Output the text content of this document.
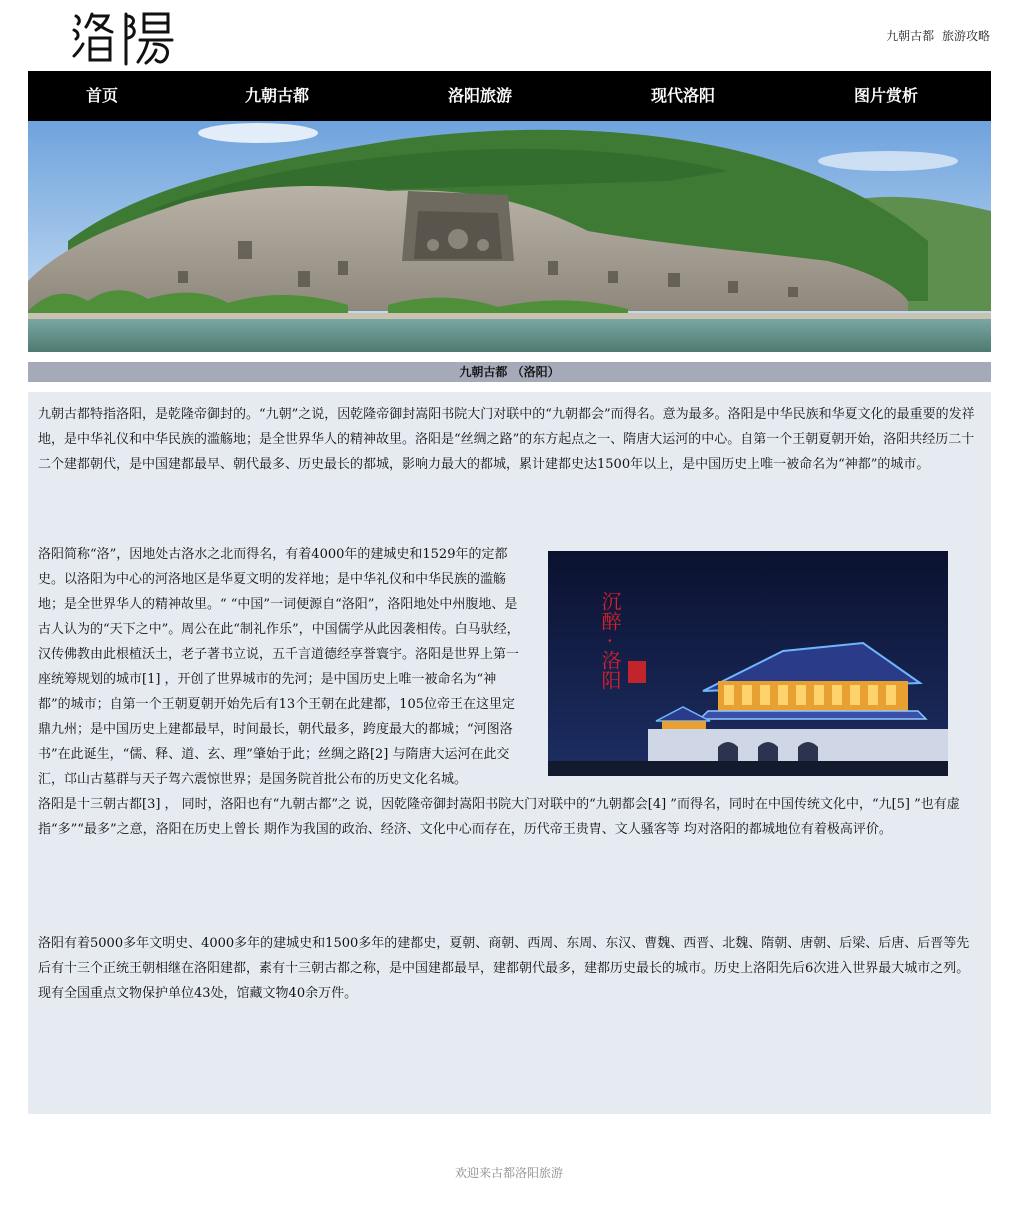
九朝古都 旅游攻略
首页	九朝古都	洛阳旅游	现代洛阳	图片赏析
九朝古都 （洛阳）

九朝古都特指洛阳，是乾隆帝御封的。“九朝”之说，因乾隆帝御封嵩阳书院大门对联中的“九朝都会”而得名。意为最多。洛阳是中华民族和华夏文化的最重要的发祥地，是中华礼仪和中华民族的滥觞地；是全世界华人的精神故里。洛阳是“丝绸之路”的东方起点之一、隋唐大运河的中心。自第一个王朝夏朝开始，洛阳共经历二十二个建都朝代，是中国建都最早、朝代最多、历史最长的都城，影响力最大的都城，累计建都史达1500年以上，是中国历史上唯一被命名为“神都”的城市。

沉醉 · 洛阳
洛阳简称“洛”，因地处古洛水之北而得名，有着4000年的建城史和1529年的定都史。以洛阳为中心的河洛地区是华夏文明的发祥地；是中华礼仪和中华民族的滥觞地；是全世界华人的精神故里。“ “中国”一词便源自“洛阳”，洛阳地处中州腹地、是古人认为的“天下之中”。周公在此“制礼作乐”，中国儒学从此因袭相传。白马驮经，汉传佛教由此根植沃土，老子著书立说，五千言道德经享誉寰宇。洛阳是世界上第一座统筹规划的城市[1] ，开创了世界城市的先河；是中国历史上唯一被命名为“神都”的城市；自第一个王朝夏朝开始先后有13个王朝在此建都，105位帝王在这里定鼎九州；是中国历史上建都最早，时间最长，朝代最多，跨度最大的都城；“河图洛书”在此诞生，“儒、释、道、玄、理”肇始于此；丝绸之路[2] 与隋唐大运河在此交汇，邙山古墓群与天子驾六震惊世界；是国务院首批公布的历史文化名城。

洛阳是十三朝古都[3] ， 同时，洛阳也有“九朝古都”之 说，因乾隆帝御封嵩阳书院大门对联中的“九朝都会[4] ”而得名，同时在中国传统文化中，“九[5] ”也有虚指“多”“最多”之意，洛阳在历史上曾长 期作为我国的政治、经济、文化中心而存在，历代帝王贵胄、文人骚客等 均对洛阳的都城地位有着极高评价。

洛阳有着5000多年文明史、4000多年的建城史和1500多年的建都史，夏朝、商朝、西周、东周、东汉、曹魏、西晋、北魏、隋朝、唐朝、后梁、后唐、后晋等先后有十三个正统王朝相继在洛阳建都，素有十三朝古都之称，是中国建都最早，建都朝代最多，建都历史最长的城市。历史上洛阳先后6次进入世界最大城市之列。现有全国重点文物保护单位43处，馆藏文物40余万件。

欢迎来古都洛阳旅游
